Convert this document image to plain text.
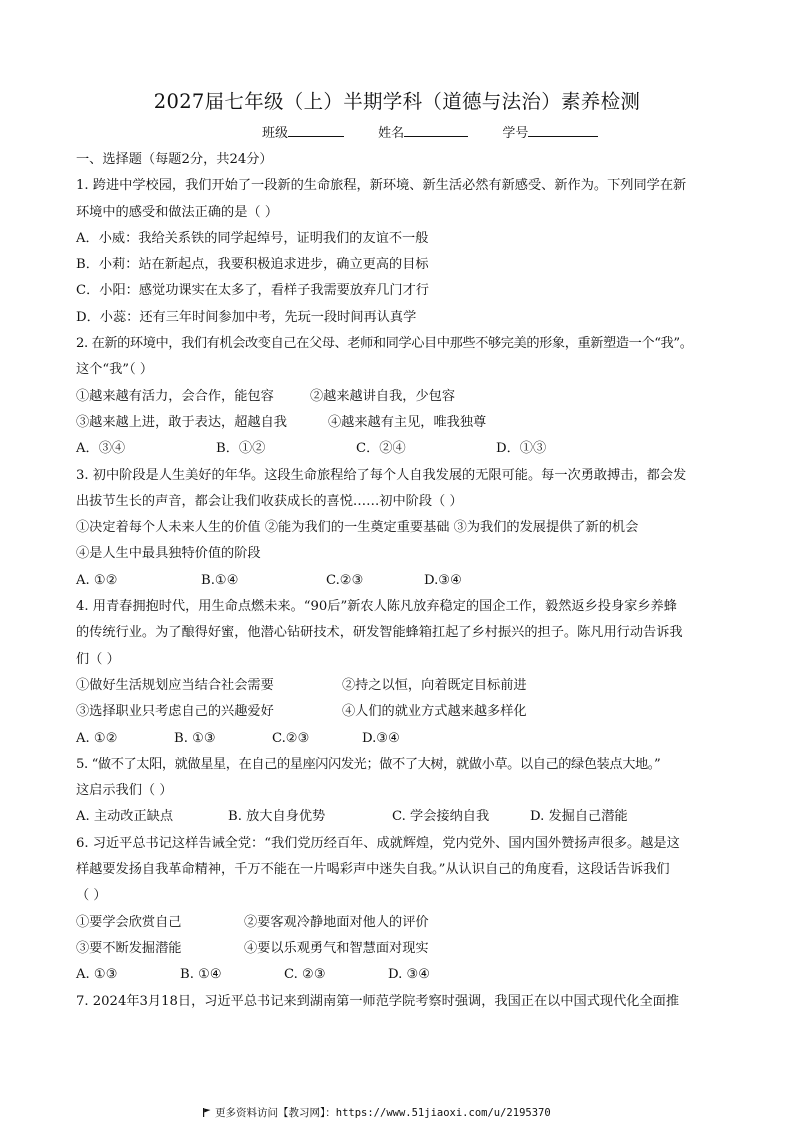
2027届七年级（上）半期学科（道德与法治）素养检测
班级	姓名	学号
一、选择题（每题2分，共24分）
1. 跨进中学校园，我们开始了一段新的生命旅程，新环境、新生活必然有新感受、新作为。下列同学在新
环境中的感受和做法正确的是（ ）
A．小威：我给关系铁的同学起绰号，证明我们的友谊不一般
B．小莉：站在新起点，我要积极追求进步，确立更高的目标
C．小阳：感觉功课实在太多了，看样子我需要放弃几门才行
D．小蕊：还有三年时间参加中考，先玩一段时间再认真学
2. 在新的环境中，我们有机会改变自己在父母、老师和同学心目中那些不够完美的形象，重新塑造一个“我”。
这个“我”（ ）
①越来越有活力，会合作，能包容	②越来越讲自我，少包容
③越来越上进，敢于表达，超越自我	④越来越有主见，唯我独尊
A．③④	B．①②	C．②④	D．①③
3. 初中阶段是人生美好的年华。这段生命旅程给了每个人自我发展的无限可能。每一次勇敢搏击，都会发
出拔节生长的声音，都会让我们收获成长的喜悦……初中阶段（ ）
①决定着每个人未来人生的价值 ②能为我们的一生奠定重要基础 ③为我们的发展提供了新的机会
④是人生中最具独特价值的阶段
A. ①②	B.①④	C.②③	D.③④
4. 用青春拥抱时代，用生命点燃未来。“90后”新农人陈凡放弃稳定的国企工作，毅然返乡投身家乡养蜂
的传统行业。为了酿得好蜜，他潜心钻研技术，研发智能蜂箱扛起了乡村振兴的担子。陈凡用行动告诉我
们（ ）
①做好生活规划应当结合社会需要	②持之以恒，向着既定目标前进
③选择职业只考虑自己的兴趣爱好	④人们的就业方式越来越多样化
A. ①②	B. ①③	C.②③	D.③④
5. “做不了太阳，就做星星，在自己的星座闪闪发光；做不了大树，就做小草。以自己的绿色装点大地。”
这启示我们（ ）
A. 主动改正缺点	B. 放大自身优势	C. 学会接纳自我	D. 发掘自己潜能
6. 习近平总书记这样告诫全党：“我们党历经百年、成就辉煌，党内党外、国内国外赞扬声很多。越是这
样越要发扬自我革命精神，千万不能在一片喝彩声中迷失自我。”从认识自己的角度看，这段话告诉我们
（ ）
①要学会欣赏自己	②要客观冷静地面对他人的评价
③要不断发掘潜能	④要以乐观勇气和智慧面对现实
A. ①③	B. ①④	C. ②③	D. ③④
7. 2024年3月18日，习近平总书记来到湖南第一师范学院考察时强调，我国正在以中国式现代化全面推
更多资料访问【教习网】：https://www.51jiaoxi.com/u/2195370
